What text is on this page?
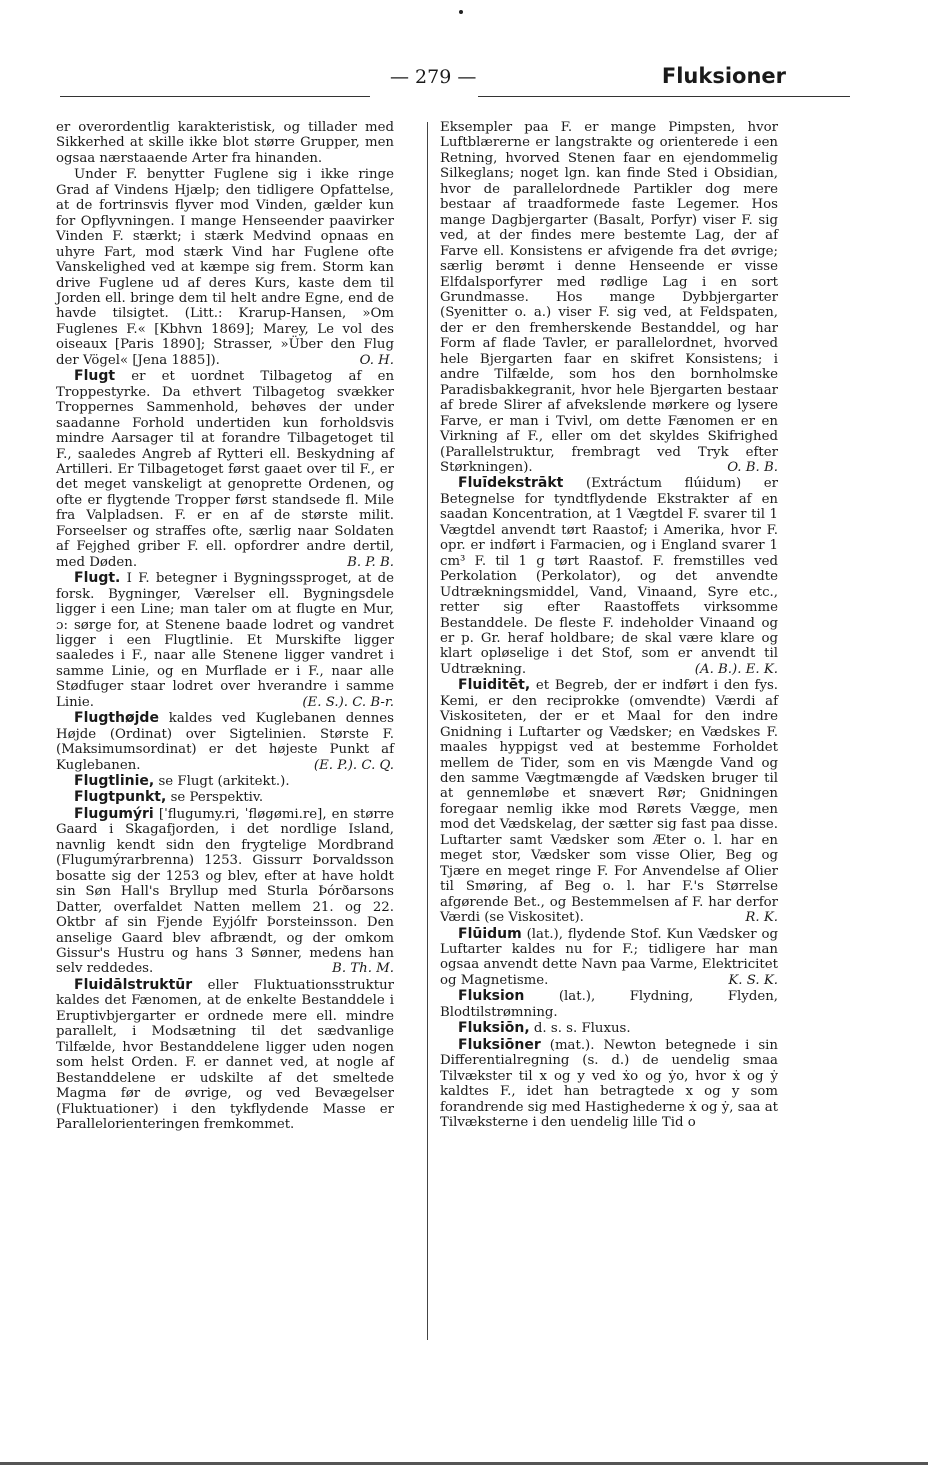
— 279 —	Fluksioner

er overordentlig karakteristisk, og tillader med Sikkerhed at skille ikke blot større Grupper, men ogsaa nærstaaende Arter fra hinanden.

Under F. benytter Fuglene sig i ikke ringe Grad af Vindens Hjælp; den tidligere Opfattelse, at de fortrinsvis flyver mod Vinden, gælder kun for Opflyvningen. I mange Henseender paavirker Vinden F. stærkt; i stærk Medvind opnaas en uhyre Fart, mod stærk Vind har Fuglene ofte Vanskelighed ved at kæmpe sig frem. Storm kan drive Fuglene ud af deres Kurs, kaste dem til Jorden ell. bringe dem til helt andre Egne, end de havde tilsigtet. (Litt.: Krarup-Hansen, »Om Fuglenes F.« [Kbhvn 1869]; Marey, Le vol des oiseaux [Paris 1890]; Strasser, »Über den Flug der Vögel« [Jena 1885]).	O. H.

Flugt er et uordnet Tilbagetog af en Troppestyrke. Da ethvert Tilbagetog svækker Troppernes Sammenhold, behøves der under saadanne Forhold undertiden kun forholdsvis mindre Aarsager til at forandre Tilbagetoget til F., saaledes Angreb af Rytteri ell. Beskydning af Artilleri. Er Tilbagetoget først gaaet over til F., er det meget vanskeligt at genoprette Ordenen, og ofte er flygtende Tropper først standsede fl. Mile fra Valpladsen. F. er en af de største milit. Forseelser og straffes ofte, særlig naar Soldaten af Fejghed griber F. ell. opfordrer andre dertil, med Døden.	B. P. B.

Flugt. I F. betegner i Bygningssproget, at de forsk. Bygninger, Værelser ell. Bygningsdele ligger i een Line; man taler om at flugte en Mur, ɔ: sørge for, at Stenene baade lodret og vandret ligger i een Flugtlinie. Et Murskifte ligger saaledes i F., naar alle Stenene ligger vandret i samme Linie, og en Murflade er i F., naar alle Stødfuger staar lodret over hverandre i samme Linie.	(E. S.). C. B-r.

Flugthøjde kaldes ved Kuglebanen dennes Højde (Ordinat) over Sigtelinien. Største F. (Maksimumsordinat) er det højeste Punkt af Kuglebanen.	(E. P.). C. Q.

Flugtlinie, se Flugt (arkitekt.).

Flugtpunkt, se Perspektiv.

Flugumýri [ˈflugumy.ri, ˈfløgømi.re], en større Gaard i Skagafjorden, i det nordlige Island, navnlig kendt sidn den frygtelige Mordbrand (Flugumýrarbrenna) 1253. Gissurr Þorvaldsson bosatte sig der 1253 og blev, efter at have holdt sin Søn Hall's Bryllup med Sturla Þórðarsons Datter, overfaldet Natten mellem 21. og 22. Oktbr af sin Fjende Eyjólfr Þorsteinsson. Den anselige Gaard blev afbrændt, og der omkom Gissur's Hustru og hans 3 Sønner, medens han selv reddedes.	B. Th. M.

Fluidālstruktūr eller Fluktuationsstruktur kaldes det Fænomen, at de enkelte Bestanddele i Eruptivbjergarter er ordnede mere ell. mindre parallelt, i Modsætning til det sædvanlige Tilfælde, hvor Bestanddelene ligger uden nogen som helst Orden. F. er dannet ved, at nogle af Bestanddelene er udskilte af det smeltede Magma før de øvrige, og ved Bevægelser (Fluktuationer) i den tykflydende Masse er Parallelorienteringen fremkommet.

Eksempler paa F. er mange Pimpsten, hvor Luftblærerne er langstrakte og orienterede i een Retning, hvorved Stenen faar en ejendommelig Silkeglans; noget lgn. kan finde Sted i Obsidian, hvor de parallelordnede Partikler dog mere bestaar af traadformede faste Legemer. Hos mange Dagbjergarter (Basalt, Porfyr) viser F. sig ved, at der findes mere bestemte Lag, der af Farve ell. Konsistens er afvigende fra det øvrige; særlig berømt i denne Henseende er visse Elfdalsporfyrer med rødlige Lag i en sort Grundmasse. Hos mange Dybbjergarter (Syenitter o. a.) viser F. sig ved, at Feldspaten, der er den fremherskende Bestanddel, og har Form af flade Tavler, er parallelordnet, hvorved hele Bjergarten faar en skifret Konsistens; i andre Tilfælde, som hos den bornholmske Paradisbakkegranit, hvor hele Bjergarten bestaar af brede Slirer af afvekslende mørkere og lysere Farve, er man i Tvivl, om dette Fænomen er en Virkning af F., eller om det skyldes Skifrighed (Parallelstruktur, frembragt ved Tryk efter Størkningen).	O. B. B.

Fluīdekstrākt (Extráctum flúidum) er Betegnelse for tyndtflydende Ekstrakter af en saadan Koncentration, at 1 Vægtdel F. svarer til 1 Vægtdel anvendt tørt Raastof; i Amerika, hvor F. opr. er indført i Farmacien, og i England svarer 1 cm³ F. til 1 g tørt Raastof. F. fremstilles ved Perkolation (Perkolator), og det anvendte Udtrækningsmiddel, Vand, Vinaand, Syre etc., retter sig efter Raastoffets virksomme Bestanddele. De fleste F. indeholder Vinaand og er p. Gr. heraf holdbare; de skal være klare og klart opløselige i det Stof, som er anvendt til Udtrækning.	(A. B.). E. K.

Fluiditēt, et Begreb, der er indført i den fys. Kemi, er den reciprokke (omvendte) Værdi af Viskositeten, der er et Maal for den indre Gnidning i Luftarter og Vædsker; en Vædskes F. maales hyppigst ved at bestemme Forholdet mellem de Tider, som en vis Mængde Vand og den samme Vægtmængde af Vædsken bruger til at gennemløbe et snævert Rør; Gnidningen foregaar nemlig ikke mod Rørets Vægge, men mod det Vædskelag, der sætter sig fast paa disse. Luftarter samt Vædsker som Æter o. l. har en meget stor, Vædsker som visse Olier, Beg og Tjære en meget ringe F. For Anvendelse af Olier til Smøring, af Beg o. l. har F.'s Størrelse afgørende Bet., og Bestemmelsen af F. har derfor Værdi (se Viskositet).	R. K.

Flūidum (lat.), flydende Stof. Kun Vædsker og Luftarter kaldes nu for F.; tidligere har man ogsaa anvendt dette Navn paa Varme, Elektricitet og Magnetisme.	K. S. K.

Fluksion	(lat.), Flydning, Flyden, Blodtilstrømning.

Fluksiōn, d. s. s. Fluxus.

Fluksiōner (mat.). Newton betegnede i sin Differentialregning (s. d.) de uendelig smaa Tilvækster til x og y ved ẋo og ẏo, hvor ẋ og ẏ kaldtes F., idet han betragtede x og y som forandrende sig med Hastighederne ẋ og ẏ, saa at Tilvæksterne i den uendelig lille Tid o
